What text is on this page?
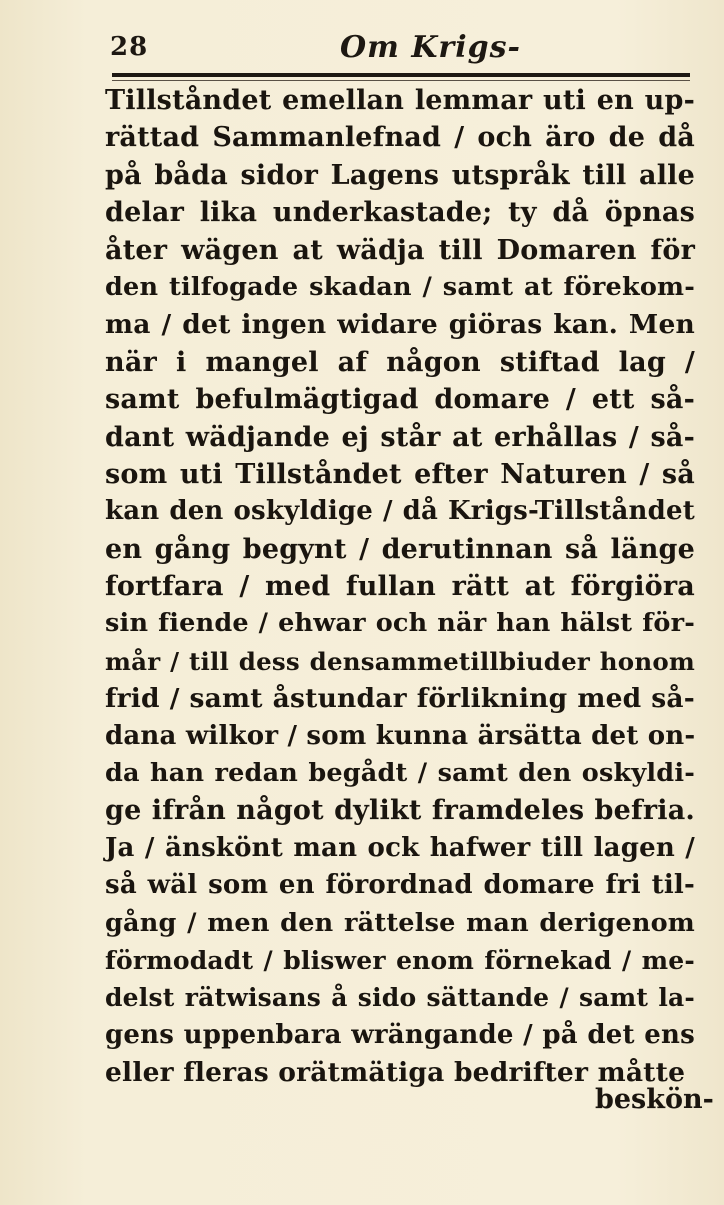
28	Om Krigs-
Tillståndet emellan lemmar uti en up-
rättad Sammanlefnad / och äro de då
på båda sidor Lagens utspråk till alle
delar lika underkastade; ty då öpnas
åter wägen at wädja till Domaren för
den tilfogade skadan / samt at förekom-
ma / det ingen widare giöras kan. Men
när i mangel af någon stiftad lag /
samt befulmägtigad domare / ett så-
dant wädjande ej står at erhållas / så-
som uti Tillståndet efter Naturen / så
kan den oskyldige / då Krigs-Tillståndet
en gång begynt / derutinnan så länge
fortfara / med fullan rätt at förgiöra
sin fiende / ehwar och när han hälst för-
mår / till dess densammetillbiuder honom
frid / samt åstundar förlikning med så-
dana wilkor / som kunna ärsätta det on-
da han redan begådt / samt den oskyldi-
ge ifrån något dylikt framdeles befria.
Ja / änskönt man ock hafwer till lagen /
så wäl som en förordnad domare fri til-
gång / men den rättelse man derigenom
förmodadt / bliswer enom förnekad / me-
delst rätwisans å sido sättande / samt la-
gens uppenbara wrängande / på det ens
eller fleras orätmätiga bedrifter måtte
beskön-
